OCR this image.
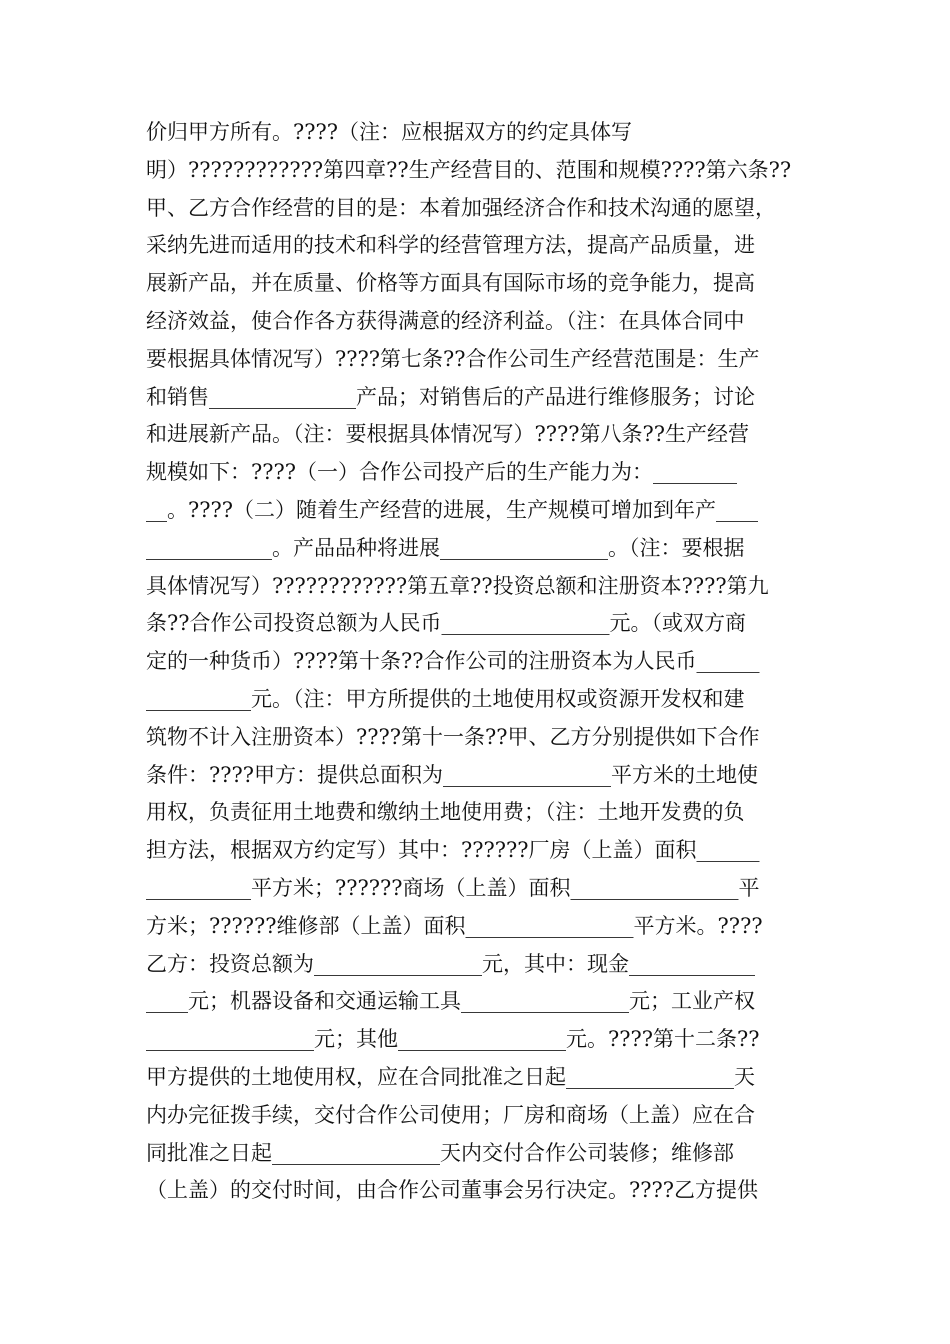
价归甲方所有。????（注：应根据双方的约定具体写
明）????????????第四章??生产经营目的、范围和规模????第六条??
甲、乙方合作经营的目的是：本着加强经济合作和技术沟通的愿望，
采纳先进而适用的技术和科学的经营管理方法，提高产品质量，进
展新产品，并在质量、价格等方面具有国际市场的竞争能力，提高
经济效益，使合作各方获得满意的经济利益。（注：在具体合同中
要根据具体情况写）????第七条??合作公司生产经营范围是：生产
和销售______________产品；对销售后的产品进行维修服务；讨论
和进展新产品。（注：要根据具体情况写）????第八条??生产经营
规模如下：????（一）合作公司投产后的生产能力为：________
__。????（二）随着生产经营的进展，生产规模可增加到年产____
____________。产品品种将进展________________。（注：要根据
具体情况写）????????????第五章??投资总额和注册资本????第九
条??合作公司投资总额为人民币________________元。（或双方商
定的一种货币）????第十条??合作公司的注册资本为人民币______
__________元。（注：甲方所提供的土地使用权或资源开发权和建
筑物不计入注册资本）????第十一条??甲、乙方分别提供如下合作
条件：????甲方：提供总面积为________________平方米的土地使
用权，负责征用土地费和缴纳土地使用费；（注：土地开发费的负
担方法，根据双方约定写）其中：??????厂房（上盖）面积______
__________平方米；??????商场（上盖）面积________________平
方米；??????维修部（上盖）面积________________平方米。????
乙方：投资总额为________________元，其中：现金____________
____元；机器设备和交通运输工具________________元；工业产权
________________元；其他________________元。????第十二条??
甲方提供的土地使用权，应在合同批准之日起________________天
内办完征拨手续，交付合作公司使用；厂房和商场（上盖）应在合
同批准之日起________________天内交付合作公司装修；维修部
（上盖）的交付时间，由合作公司董事会另行决定。????乙方提供
